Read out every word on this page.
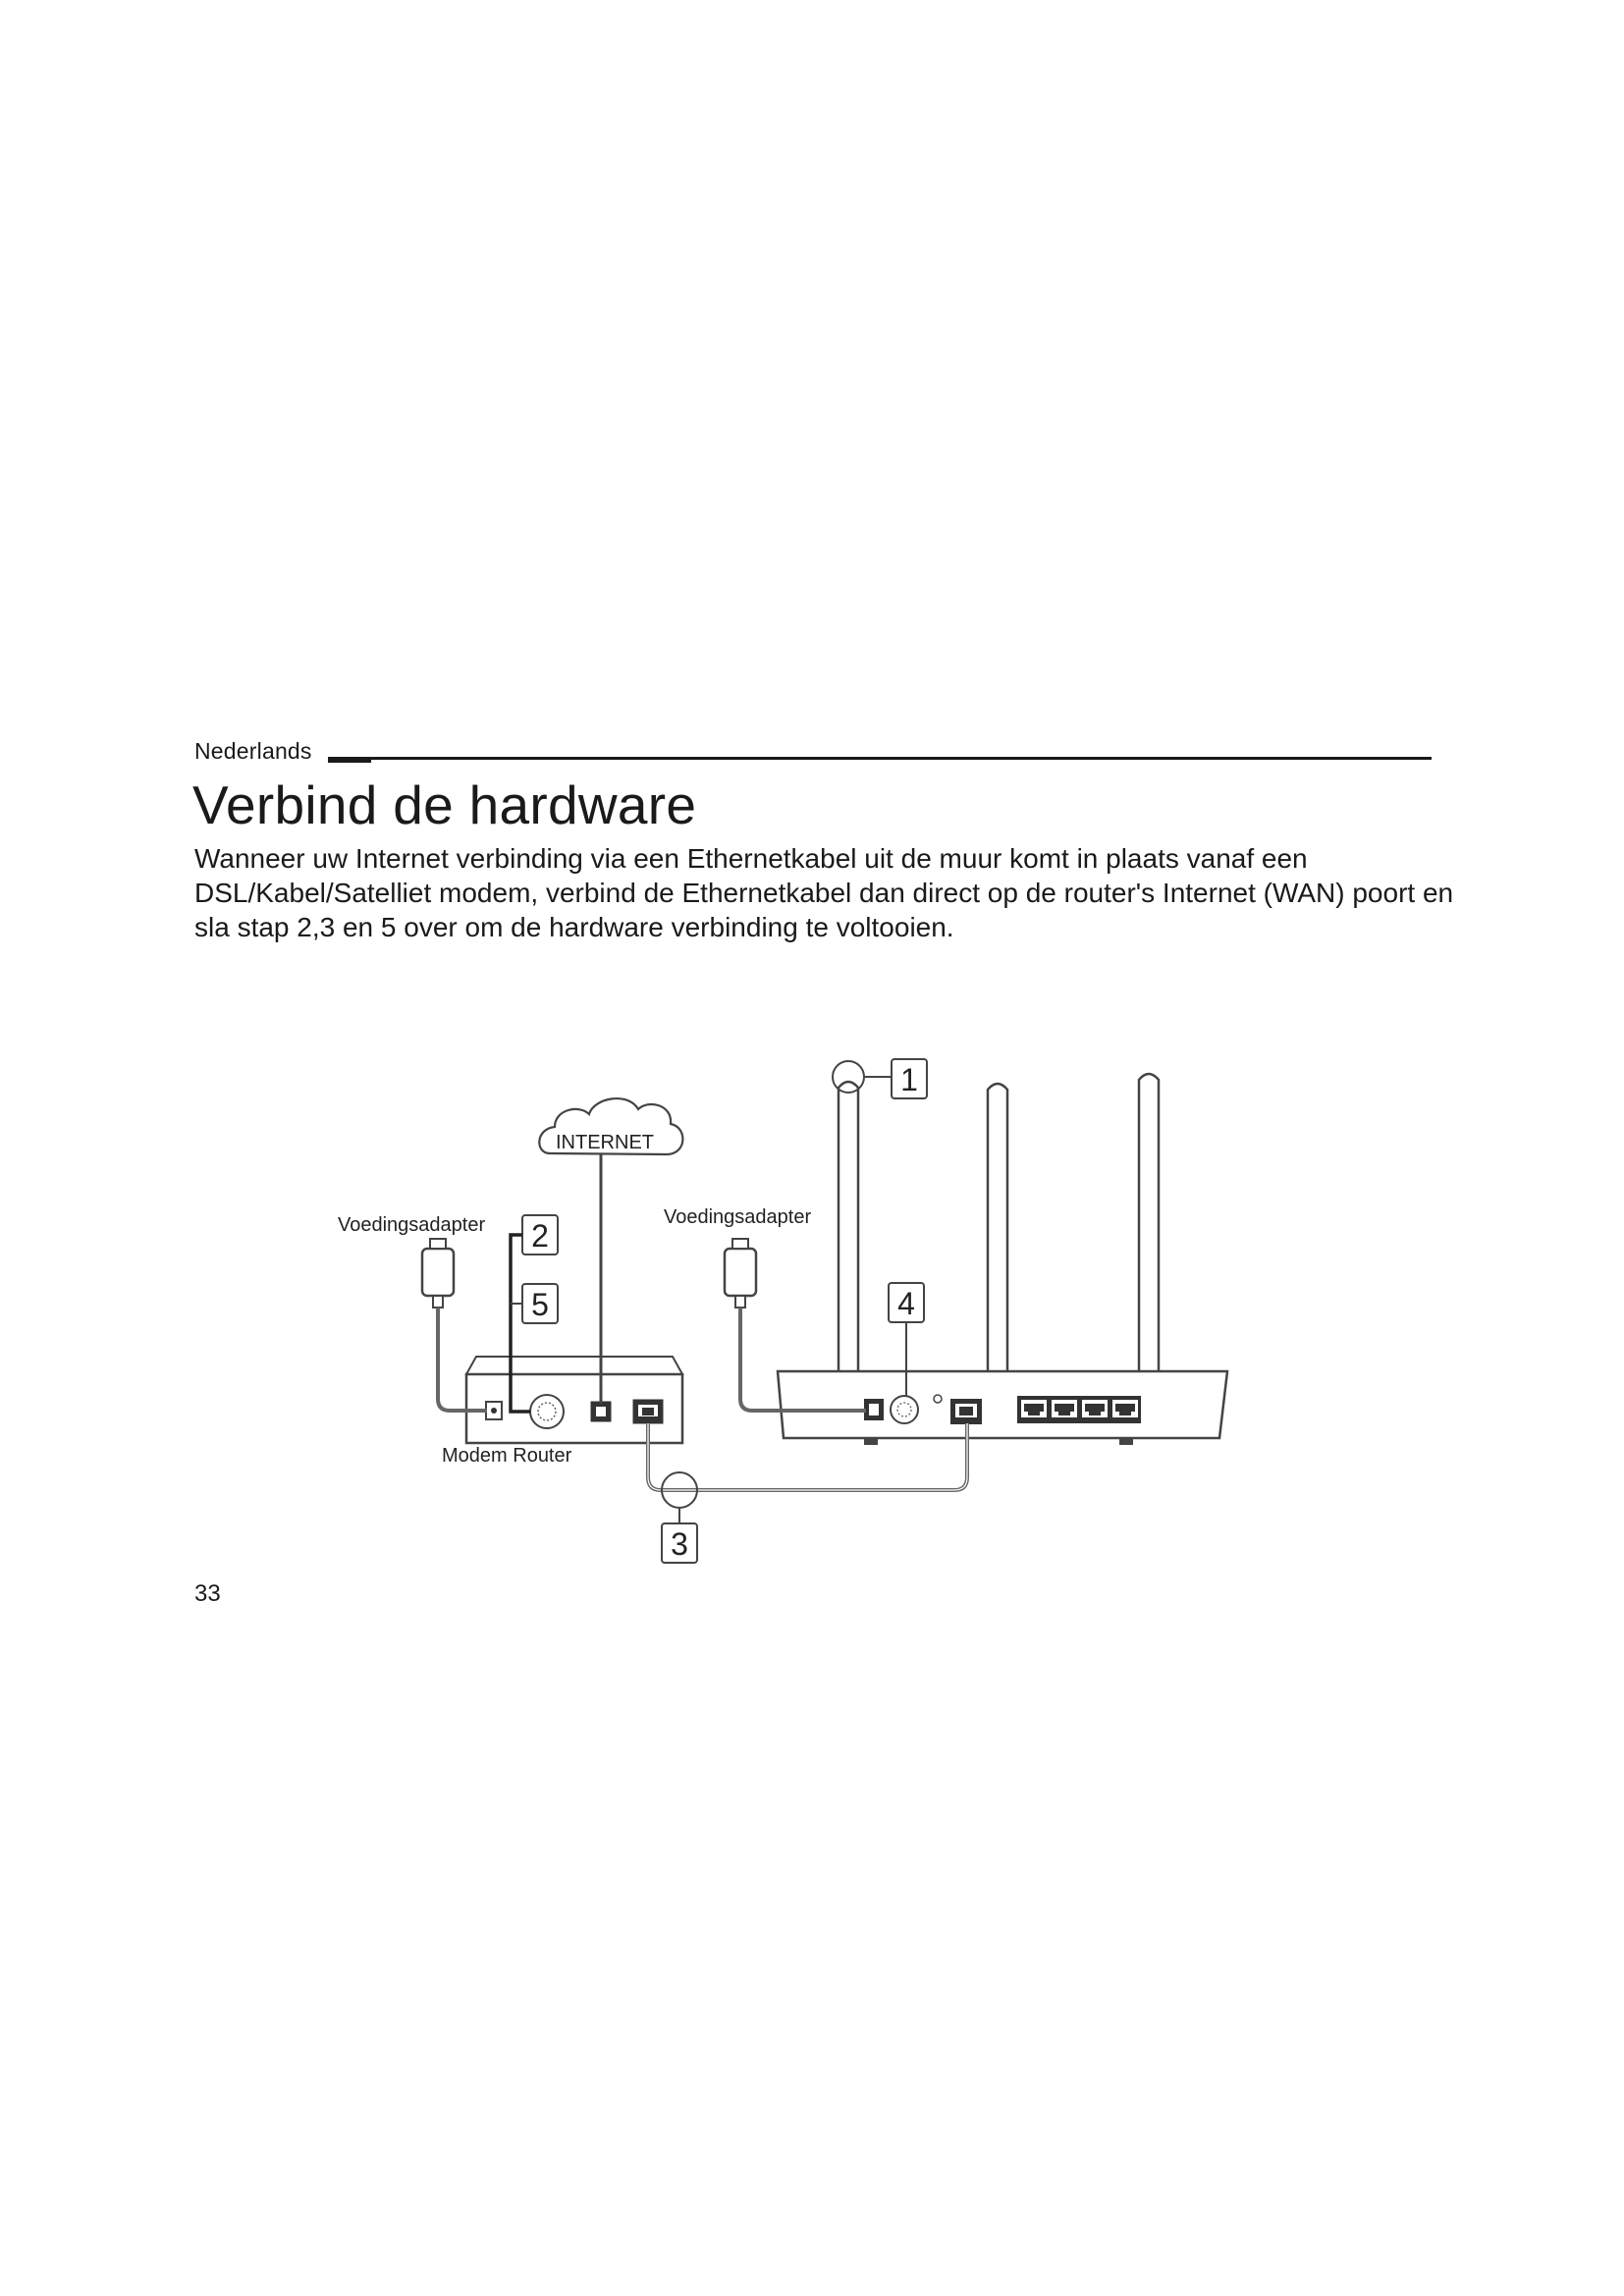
Nederlands
Verbind de hardware

Wanneer uw Internet verbinding via een Ethernetkabel uit de muur komt in plaats vanaf een DSL/Kabel/Satelliet modem, verbind de Ethernetkabel dan direct op de router's Internet (WAN) poort en sla stap 2,3 en 5 over om de hardware verbinding te voltooien.

INTERNET
Modem Router
Voedingsadapter	Voedingsadapter
1
2
5	4
3
33
